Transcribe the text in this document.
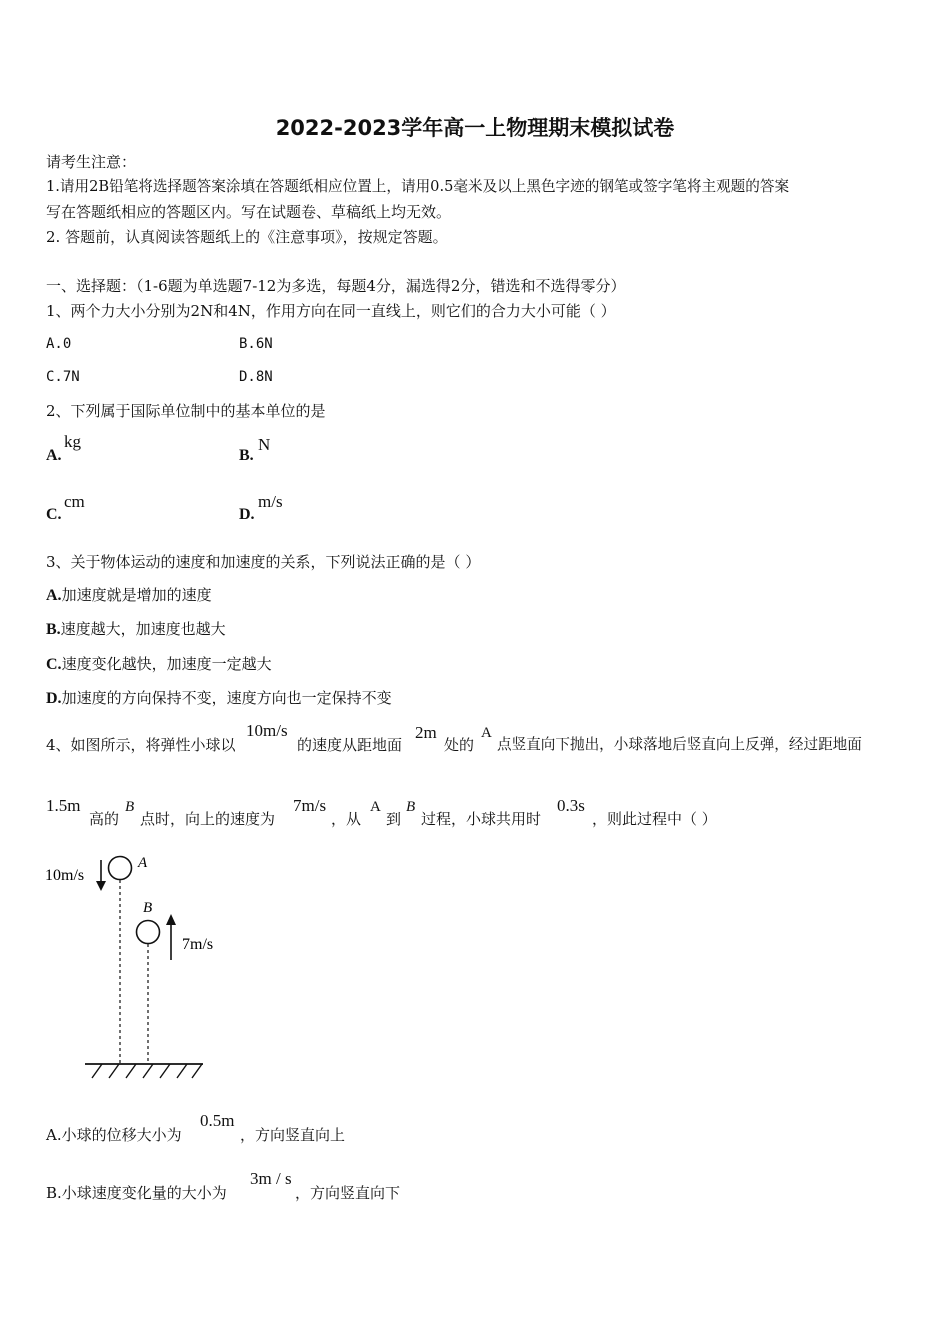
2022-2023学年高一上物理期末模拟试卷
请考生注意：
1.请用2B铅笔将选择题答案涂填在答题纸相应位置上，请用0.5毫米及以上黑色字迹的钢笔或签字笔将主观题的答案
写在答题纸相应的答题区内。写在试题卷、草稿纸上均无效。
2. 答题前，认真阅读答题纸上的《注意事项》，按规定答题。
一、选择题：（1-6题为单选题7-12为多选，每题4分，漏选得2分，错选和不选得零分）
1、两个力大小分别为2N和4N，作用方向在同一直线上，则它们的合力大小可能（ ）
A.0	B.6N
C.7N	D.8N
2、下列属于国际单位制中的基本单位的是
A.
kg
B.
N
C.
cm
D.
m/s
3、关于物体运动的速度和加速度的关系，下列说法正确的是（ ）
A.加速度就是增加的速度
B.速度越大，加速度也越大
C.速度变化越快，加速度一定越大
D.加速度的方向保持不变，速度方向也一定保持不变
4、如图所示，将弹性小球以
10m/s
的速度从距地面
2m
处的
A
点竖直向下抛出，小球落地后竖直向上反弹，经过距地面
1.5m
高的
B
点时，向上的速度为
7m/s
，从
A
到
B
过程，小球共用时
0.3s
，则此过程中（ ）
10m/s
A
B
7m/s
A.小球的位移大小为
0.5m
，方向竖直向上
B.小球速度变化量的大小为
3m / s
，方向竖直向下
